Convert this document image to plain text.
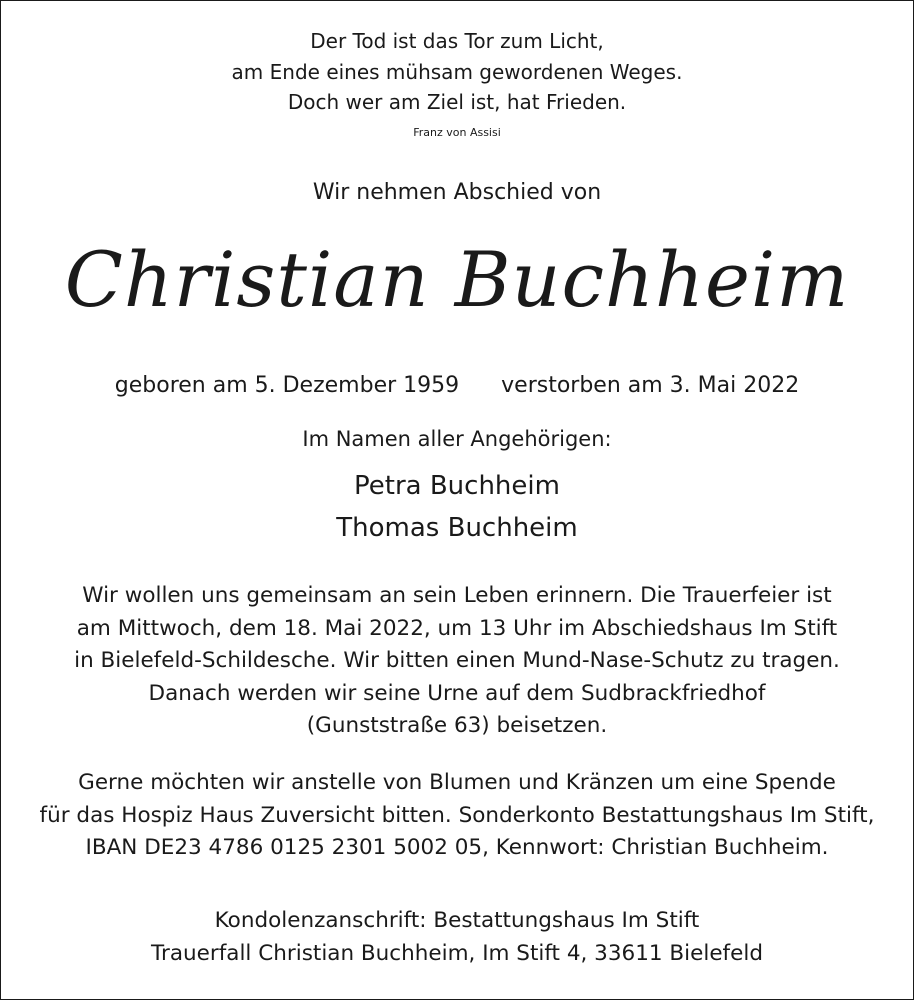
Der Tod ist das Tor zum Licht,
am Ende eines mühsam gewordenen Weges.
Doch wer am Ziel ist, hat Frieden.
Franz von Assisi
Wir nehmen Abschied von
Christian Buchheim
geboren am 5. Dezember 1959 verstorben am 3. Mai 2022
Im Namen aller Angehörigen:
Petra Buchheim
Thomas Buchheim
Wir wollen uns gemeinsam an sein Leben erinnern. Die Trauerfeier ist
am Mittwoch, dem 18. Mai 2022, um 13 Uhr im Abschiedshaus Im Stift
in Bielefeld-Schildesche. Wir bitten einen Mund-Nase-Schutz zu tragen.
Danach werden wir seine Urne auf dem Sudbrackfriedhof
(Gunststraße 63) beisetzen.
Gerne möchten wir anstelle von Blumen und Kränzen um eine Spende
für das Hospiz Haus Zuversicht bitten. Sonderkonto Bestattungshaus Im Stift,
IBAN DE23 4786 0125 2301 5002 05, Kennwort: Christian Buchheim.
Kondolenzanschrift: Bestattungshaus Im Stift
Trauerfall Christian Buchheim, Im Stift 4, 33611 Bielefeld
